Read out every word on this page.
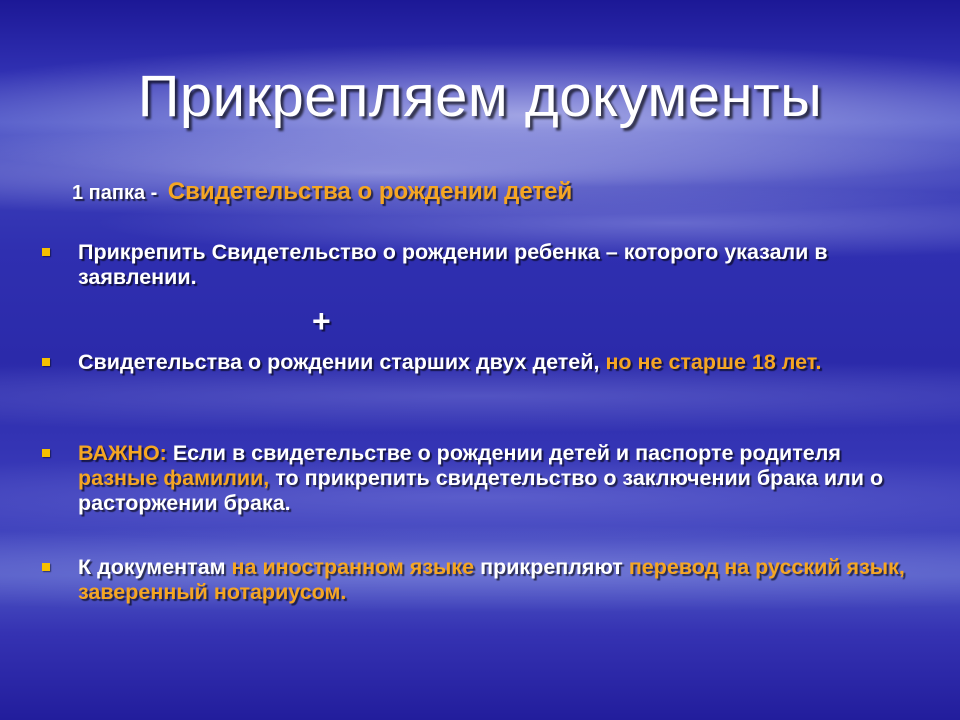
Прикрепляем документы
1 папка - Свидетельства о рождении детей
Прикрепить Свидетельство о рождении ребенка – которого указали в заявлении.
Свидетельства о рождении старших двух детей, но не старше 18 лет.
ВАЖНО: Если в свидетельстве о рождении детей и паспорте родителя разные фамилии, то прикрепить свидетельство о заключении брака или о расторжении брака.
К документам на иностранном языке прикрепляют перевод на русский язык, заверенный нотариусом.
+
